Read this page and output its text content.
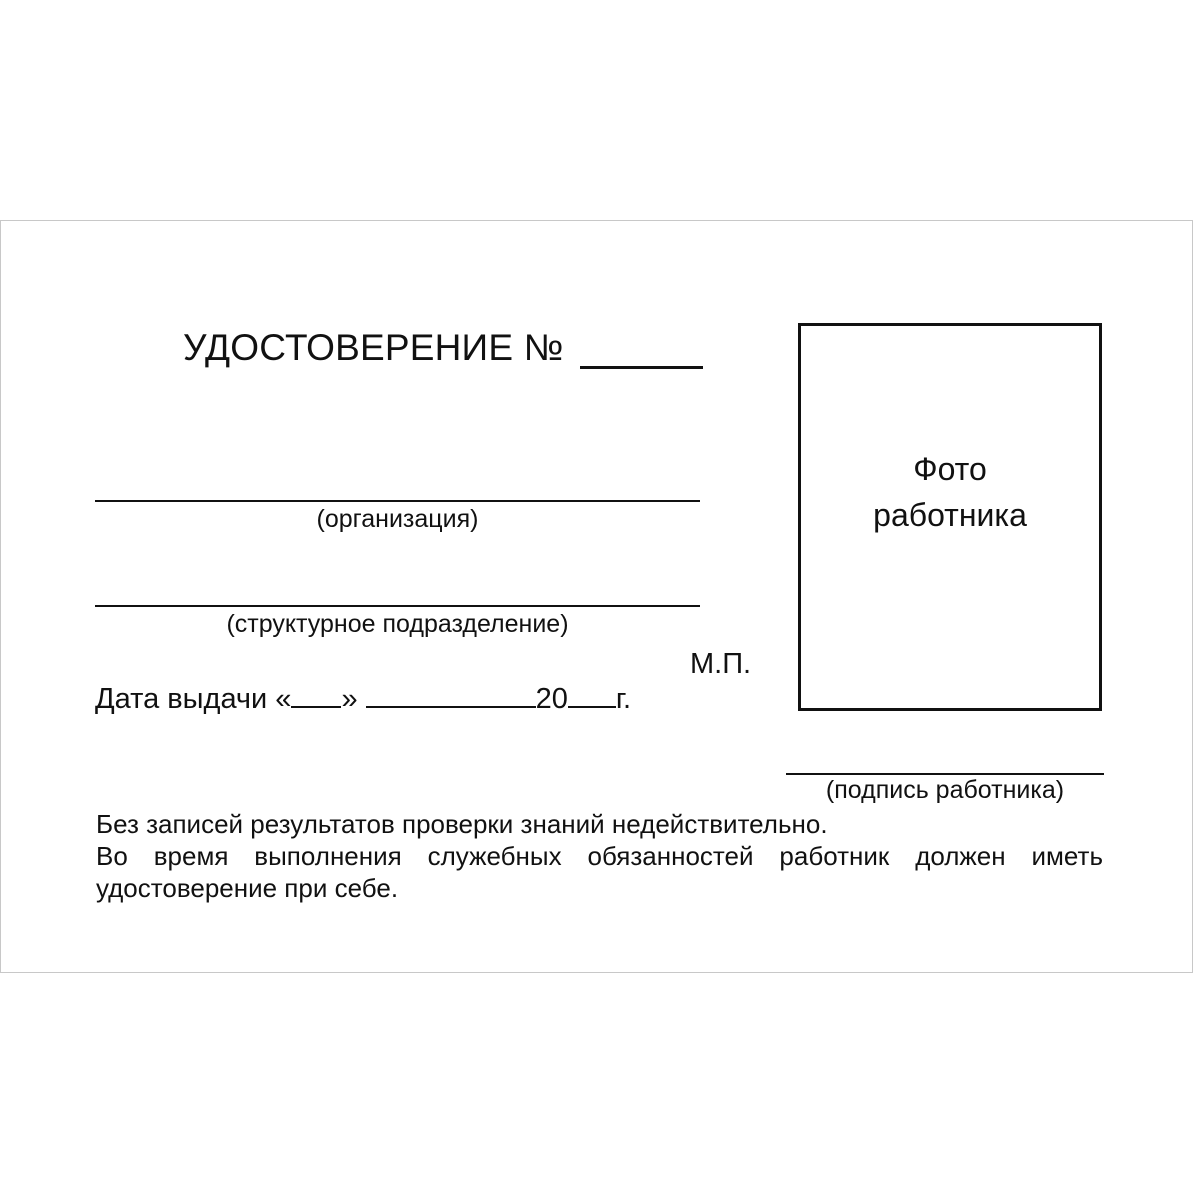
УДОСТОВЕРЕНИЕ №
(организация)
(структурное подразделение)
Фото
работника
М.П.
Дата выдачи « »	20 г.
(подпись работника)
Без записей результатов проверки знаний недействительно.
Во время выполнения служебных обязанностей работник должен иметь
удостоверение при себе.
